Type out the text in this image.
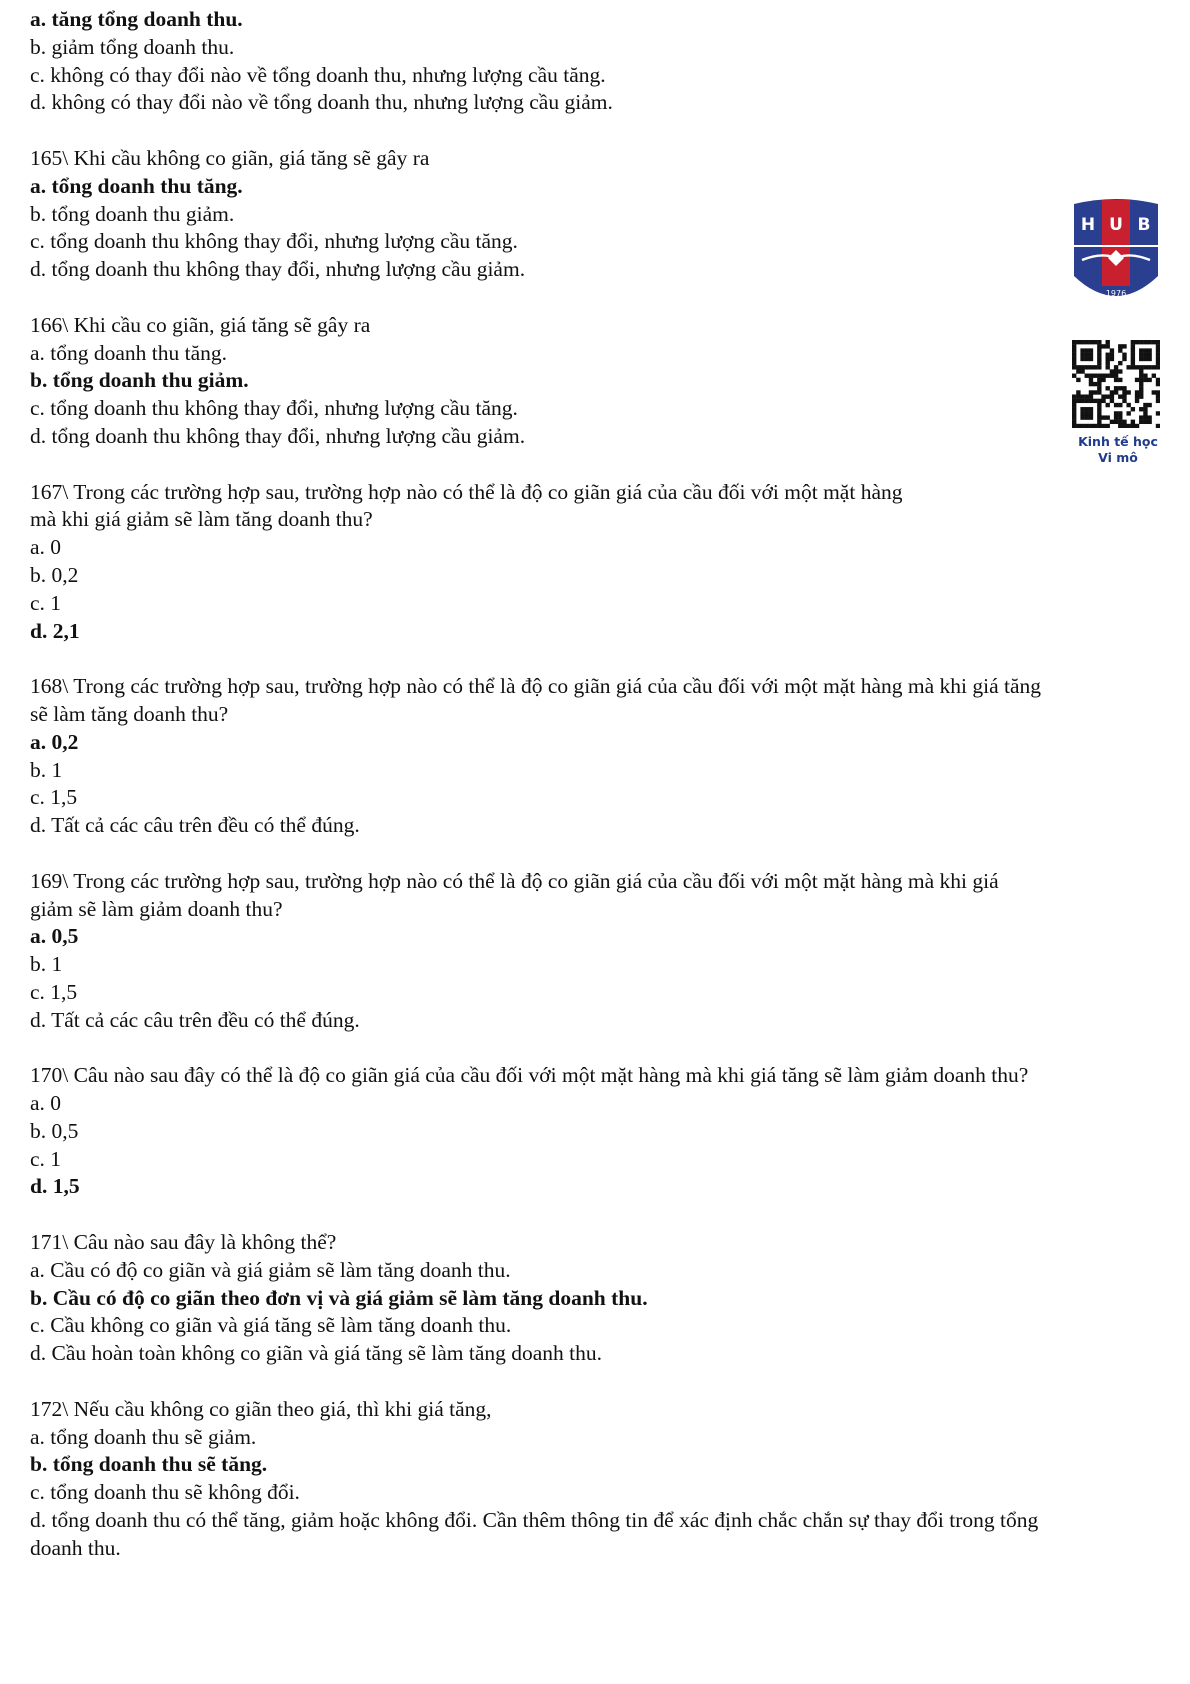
a. tăng tổng doanh thu.
b. giảm tổng doanh thu.
c. không có thay đổi nào về tổng doanh thu, nhưng lượng cầu tăng.
d. không có thay đổi nào về tổng doanh thu, nhưng lượng cầu giảm.
165\ Khi cầu không co giãn, giá tăng sẽ gây ra
a. tổng doanh thu tăng.
b. tổng doanh thu giảm.
c. tổng doanh thu không thay đổi, nhưng lượng cầu tăng.
d. tổng doanh thu không thay đổi, nhưng lượng cầu giảm.
166\ Khi cầu co giãn, giá tăng sẽ gây ra
a. tổng doanh thu tăng.
b. tổng doanh thu giảm.
c. tổng doanh thu không thay đổi, nhưng lượng cầu tăng.
d. tổng doanh thu không thay đổi, nhưng lượng cầu giảm.
167\ Trong các trường hợp sau, trường hợp nào có thể là độ co giãn giá của cầu đối với một mặt hàng
mà khi giá giảm sẽ làm tăng doanh thu?
a. 0
b. 0,2
c. 1
d. 2,1
168\ Trong các trường hợp sau, trường hợp nào có thể là độ co giãn giá của cầu đối với một mặt hàng mà khi giá tăng
sẽ làm tăng doanh thu?
a. 0,2
b. 1
c. 1,5
d. Tất cả các câu trên đều có thể đúng.
169\ Trong các trường hợp sau, trường hợp nào có thể là độ co giãn giá của cầu đối với một mặt hàng mà khi giá
giảm sẽ làm giảm doanh thu?
a. 0,5
b. 1
c. 1,5
d. Tất cả các câu trên đều có thể đúng.
170\ Câu nào sau đây có thể là độ co giãn giá của cầu đối với một mặt hàng mà khi giá tăng sẽ làm giảm doanh thu?
a. 0
b. 0,5
c. 1
d. 1,5
171\ Câu nào sau đây là không thể?
a. Cầu có độ co giãn và giá giảm sẽ làm tăng doanh thu.
b. Cầu có độ co giãn theo đơn vị và giá giảm sẽ làm tăng doanh thu.
c. Cầu không co giãn và giá tăng sẽ làm tăng doanh thu.
d. Cầu hoàn toàn không co giãn và giá tăng sẽ làm tăng doanh thu.
172\ Nếu cầu không co giãn theo giá, thì khi giá tăng,
a. tổng doanh thu sẽ giảm.
b. tổng doanh thu sẽ tăng.
c. tổng doanh thu sẽ không đổi.
d. tổng doanh thu có thể tăng, giảm hoặc không đổi. Cần thêm thông tin để xác định chắc chắn sự thay đổi trong tổng
doanh thu.
H U B
1976
Kinh tế học
Vi mô
